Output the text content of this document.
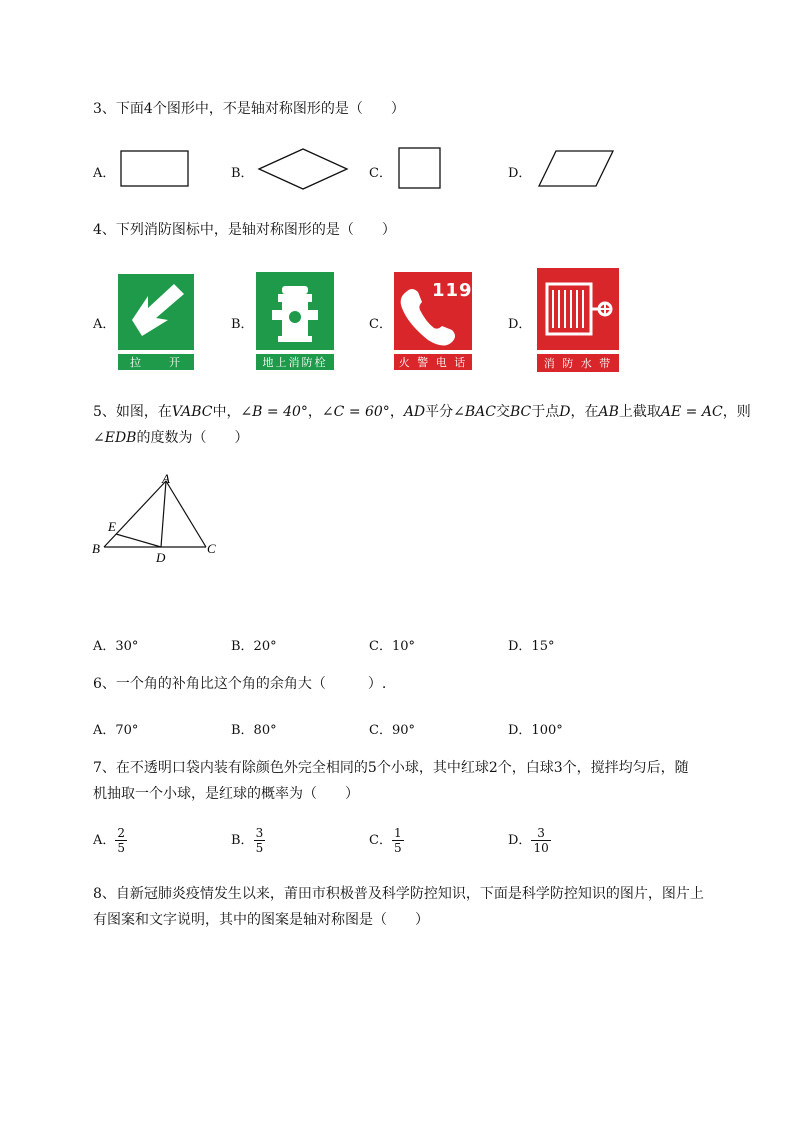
3、下面4个图形中，不是轴对称图形的是（　　）
A．	B．	C．	D．
4、下列消防图标中，是轴对称图形的是（　　）
A．
拉　　开
B．
地上消防栓
C．
119
火 警 电 话
D．
消 防 水 带
5、如图，在VABC中，∠B = 40°，∠C = 60°，AD平分∠BAC交BC于点D，在AB上截取AE = AC，则
∠EDB的度数为（　　）
A
B	C
D
E
A．30°	B．20°	C．10°	D．15°
6、一个角的补角比这个角的余角大（　　　）.
A．70°	B．80°	C．90°	D．100°
7、在不透明口袋内装有除颜色外完全相同的5个小球，其中红球2个，白球3个，搅拌均匀后，随
机抽取一个小球，是红球的概率为（　　）
A． $\frac{2}{5}$	B． $\frac{3}{5}$	C． $\frac{1}{5}$	D． $\frac{3}{10}$
8、自新冠肺炎疫情发生以来，莆田市积极普及科学防控知识，下面是科学防控知识的图片，图片上
有图案和文字说明，其中的图案是轴对称图是（　　）
